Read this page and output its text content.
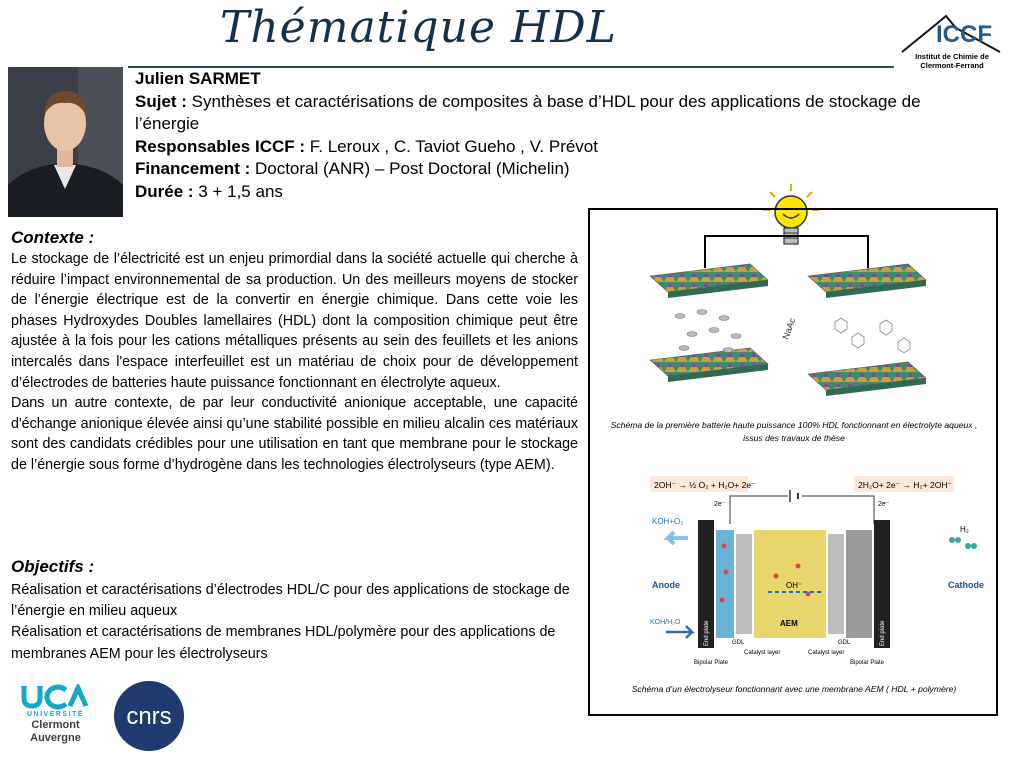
Thématique HDL	ICCF
Institut de Chimie de
Clermont-Ferrand
Julien SARMET
Sujet : Synthèses et caractérisations de composites à base d’HDL pour des applications de stockage de l’énergie
Responsables ICCF : F. Leroux , C. Taviot Gueho , V. Prévot
Financement : Doctoral (ANR) – Post Doctoral (Michelin)
Durée : 3 + 1,5 ans
Contexte :

Le stockage de l’électricité est un enjeu primordial dans la société actuelle qui cherche à réduire l’impact environnemental de sa production. Un des meilleurs moyens de stocker de l’énergie électrique est de la convertir en énergie chimique. Dans cette voie les phases Hydroxydes Doubles lamellaires (HDL) dont la composition chimique peut être ajustée à la fois pour les cations métalliques présents au sein des feuillets et les anions intercalés dans l'espace interfeuillet est un matériau de choix pour de développement d’électrodes de batteries haute puissance fonctionnant en électrolyte aqueux.

Dans un autre contexte, de par leur conductivité anionique acceptable, une capacité d'échange anionique élevée ainsi qu’une stabilité possible en milieu alcalin ces matériaux sont des candidats crédibles pour une utilisation en tant que membrane pour le stockage de l’énergie sous forme d’hydrogène dans les technologies électrolyseurs (type AEM).

Objectifs :

Réalisation et caractérisations d’électrodes HDL/C pour des applications de stockage de l’énergie en milieu aqueux

Réalisation et caractérisations de membranes HDL/polymère pour des applications de membranes AEM pour les électrolyseurs

NaAc
Schéma de la première batterie haute puissance 100% HDL fonctionnant en électrolyte aqueux , issus des travaux de thèse
2OH⁻ → ½ O₂ + H₂O+ 2e⁻	2H₂O+ 2e⁻ → H₂+ 2OH⁻
2e⁻	2e⁻
KOH+O₂
H₂
Anode	Cathode
OH⁻
AEM
KOH/H₂O	End plate	End plate
GDL	GDL
Catalyst layer	Catalyst layer
Bipolar Plate	Bipolar Plate
Schéma d’un électrolyseur fonctionnant avec une membrane AEM ( HDL + polymère)
UNIVERSITÉ
Clermont
Auvergne
cnrs
